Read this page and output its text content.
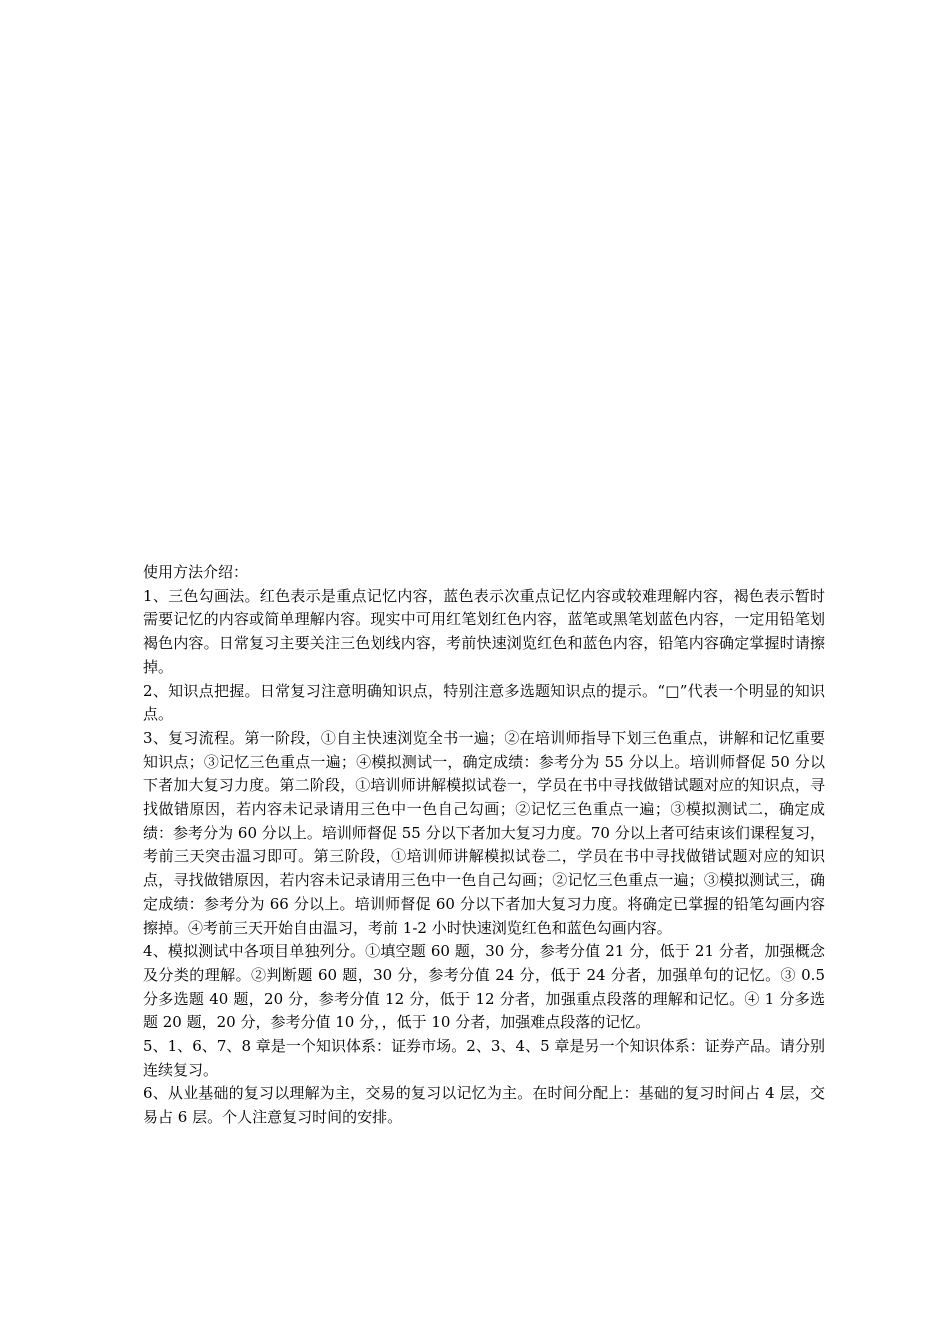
使用方法介绍：

1、三色勾画法。红色表示是重点记忆内容，蓝色表示次重点记忆内容或较难理解内容，褐色表示暂时需要记忆的内容或简单理解内容。现实中可用红笔划红色内容，蓝笔或黑笔划蓝色内容，一定用铅笔划褐色内容。日常复习主要关注三色划线内容，考前快速浏览红色和蓝色内容，铅笔内容确定掌握时请擦掉。

2、知识点把握。日常复习注意明确知识点，特别注意多选题知识点的提示。“□”代表一个明显的知识点。

3、复习流程。第一阶段，①自主快速浏览全书一遍；②在培训师指导下划三色重点，讲解和记忆重要知识点；③记忆三色重点一遍；④模拟测试一，确定成绩：参考分为 55 分以上。培训师督促 50 分以下者加大复习力度。第二阶段，①培训师讲解模拟试卷一，学员在书中寻找做错试题对应的知识点，寻找做错原因，若内容未记录请用三色中一色自己勾画；②记忆三色重点一遍；③模拟测试二，确定成绩：参考分为 60 分以上。培训师督促 55 分以下者加大复习力度。70 分以上者可结束该们课程复习，考前三天突击温习即可。第三阶段，①培训师讲解模拟试卷二，学员在书中寻找做错试题对应的知识点，寻找做错原因，若内容未记录请用三色中一色自己勾画；②记忆三色重点一遍；③模拟测试三，确定成绩：参考分为 66 分以上。培训师督促 60 分以下者加大复习力度。将确定已掌握的铅笔勾画内容擦掉。④考前三天开始自由温习，考前 1-2 小时快速浏览红色和蓝色勾画内容。

4、模拟测试中各项目单独列分。①填空题 60 题，30 分，参考分值 21 分，低于 21 分者，加强概念及分类的理解。②判断题 60 题，30 分，参考分值 24 分，低于 24 分者，加强单句的记忆。③ 0.5 分多选题 40 题，20 分，参考分值 12 分，低于 12 分者，加强重点段落的理解和记忆。④ 1 分多选题 20 题，20 分，参考分值 10 分，，低于 10 分者，加强难点段落的记忆。

5、1、6、7、8 章是一个知识体系：证券市场。2、3、4、5 章是另一个知识体系：证券产品。请分别连续复习。

6、从业基础的复习以理解为主，交易的复习以记忆为主。在时间分配上：基础的复习时间占 4 层，交易占 6 层。个人注意复习时间的安排。
